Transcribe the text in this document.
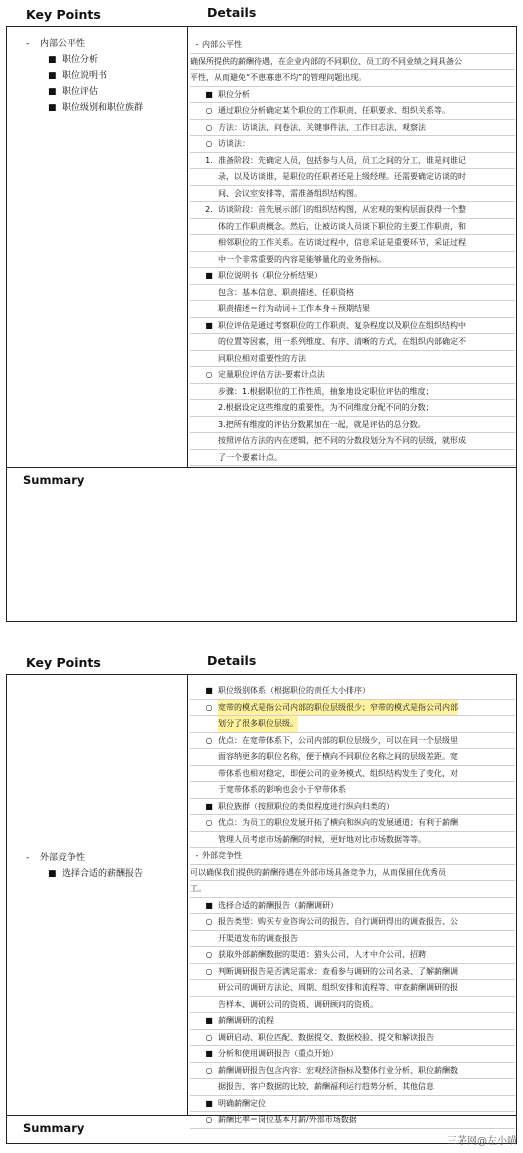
Key Points	Details
Summary
- 内部公平性
■ 职位分析
■ 职位说明书
■ 职位评估
■ 职位级别和职位族群
- 内部公平性
确保所提供的薪酬待遇，在企业内部的不同职位、员工的不同业绩之间具备公
平性，从而避免“不患寡患不均”的管理问题出现。
■ 职位分析
○ 通过职位分析确定某个职位的工作职责、任职要求、组织关系等。
○ 方法：访谈法、问卷法、关键事件法、工作日志法、观察法
○ 访谈法：
1. 准备阶段：先确定人员，包括参与人员，员工之间的分工，谁是问谁记
录，以及访谈谁，是职位的任职者还是上级经理。还需要确定访谈的时
间、会议室安排等，需准备组织结构图。
2. 访谈阶段：首先展示部门的组织结构图，从宏观的架构层面获得一个整
体的工作职责概念。然后，让被访谈人员谈下职位的主要工作职责，和
相邻职位的工作关系。在访谈过程中，信息采证是重要环节，采证过程
中一个非常重要的内容是能够量化的业务指标。
■ 职位说明书（职位分析结果）
包含：基本信息、职责描述、任职资格
职责描述＝行为动词＋工作本身＋预期结果
■ 职位评估是通过考察职位的工作职责、复杂程度以及职位在组织结构中
的位置等因素，用一系列维度、有序、清晰的方式，在组织内部确定不
同职位相对重要性的方法
○ 定量职位评估方法-要素计点法
步骤：1.根据职位的工作性质，抽象地设定职位评估的维度；
2.根据设定这些维度的重要性，为不同维度分配不同的分数；
3.把所有维度的评估分数累加在一起，就是评估的总分数。
按照评估方法的内在逻辑，把不同的分数段划分为不同的层级，就形成
了一个要素计点。
Key Points	Details
Summary
- 外部竞争性
■ 选择合适的薪酬报告
■ 职位级别体系（根据职位的责任大小排序）
○ 宽带的模式是指公司内部的职位层级很少；窄带的模式是指公司内部
划分了很多职位层级。
○ 优点：在宽带体系下，公司内部的职位层级少，可以在同一个层级里
面容纳更多的职位名称，便于横向不同职位名称之间的层级差距。宽
带体系也相对稳定，即便公司的业务模式、组织结构发生了变化，对
于宽带体系的影响也会小于窄带体系
■ 职位族群（按照职位的类似程度进行纵向归类的）
○ 优点：为员工的职位发展开拓了横向和纵向的发展通道；有利于薪酬
管理人员考虑市场薪酬的时候，更好地对比市场数据等等。
- 外部竞争性
可以确保我们提供的薪酬待遇在外部市场具备竞争力，从而保留住优秀员
工。
■ 选择合适的薪酬报告（薪酬调研）
○ 报告类型：购买专业咨询公司的报告、自行调研得出的调查报告、公
开渠道发布的调查报告
○ 获取外部薪酬数据的渠道：猎头公司、人才中介公司、招聘
○ 判断调研报告是否满足需求：查看参与调研的公司名录、了解薪酬调
研公司的调研方法论、周期、组织安排和流程等、审查薪酬调研的报
告样本、调研公司的资质、调研顾问的资质。
■ 薪酬调研的流程
○ 调研启动、职位匹配、数据提交、数据校验、提交和解读报告
■ 分析和使用调研报告（重点开始）
○ 薪酬调研报告包含内容：宏观经济指标及整体行业分析、职位薪酬数
据报告、客户数据的比较、薪酬福利运行趋势分析、其他信息
■ 明确薪酬定位
○ 薪酬比率＝岗位基本月薪/外部市场数据
三茅网@左小喵
